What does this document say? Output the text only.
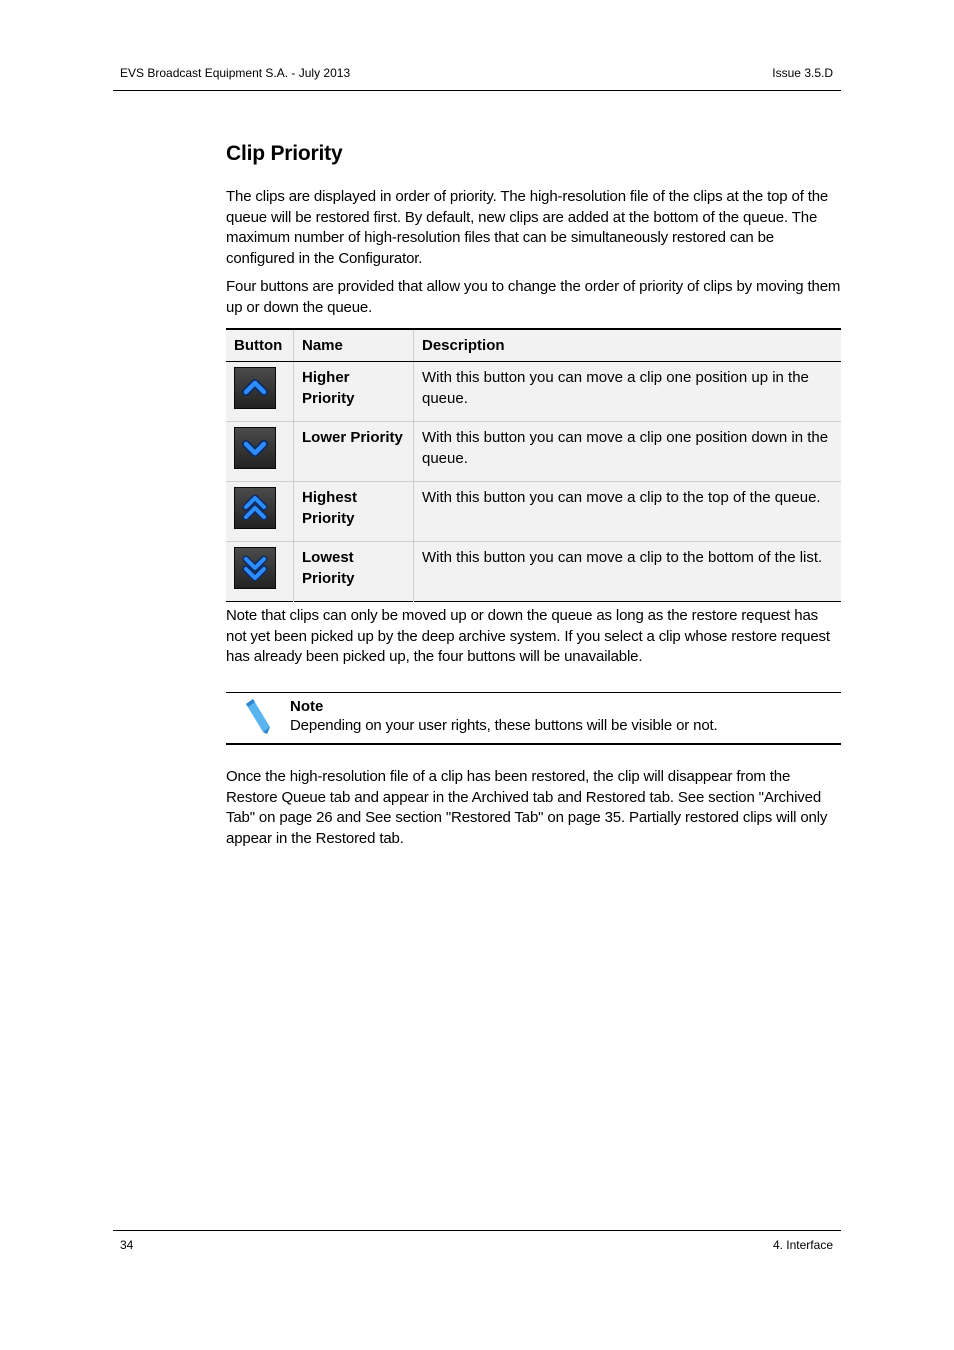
EVS Broadcast Equipment S.A. - July 2013	Issue 3.5.D
Clip Priority

The clips are displayed in order of priority. The high-resolution file of the clips at the top of the queue will be restored first. By default, new clips are added at the bottom of the queue. The maximum number of high-resolution files that can be simultaneously restored can be configured in the Configurator.

Four buttons are provided that allow you to change the order of priority of clips by moving them up or down the queue.

Button	Name	Description

	Higher Priority	With this button you can move a clip one position up in the queue.

	Lower Priority	With this button you can move a clip one position down in the queue.

	Highest Priority	With this button you can move a clip to the top of the queue.

	Lowest Priority	With this button you can move a clip to the bottom of the list.

Note that clips can only be moved up or down the queue as long as the restore request has not yet been picked up by the deep archive system. If you select a clip whose restore request has already been picked up, the four buttons will be unavailable.

Note
Depending on your user rights, these buttons will be visible or not.

Once the high-resolution file of a clip has been restored, the clip will disappear from the Restore Queue tab and appear in the Archived tab and Restored tab. See section "Archived Tab" on page 26 and See section "Restored Tab" on page 35. Partially restored clips will only appear in the Restored tab.

34	4. Interface
